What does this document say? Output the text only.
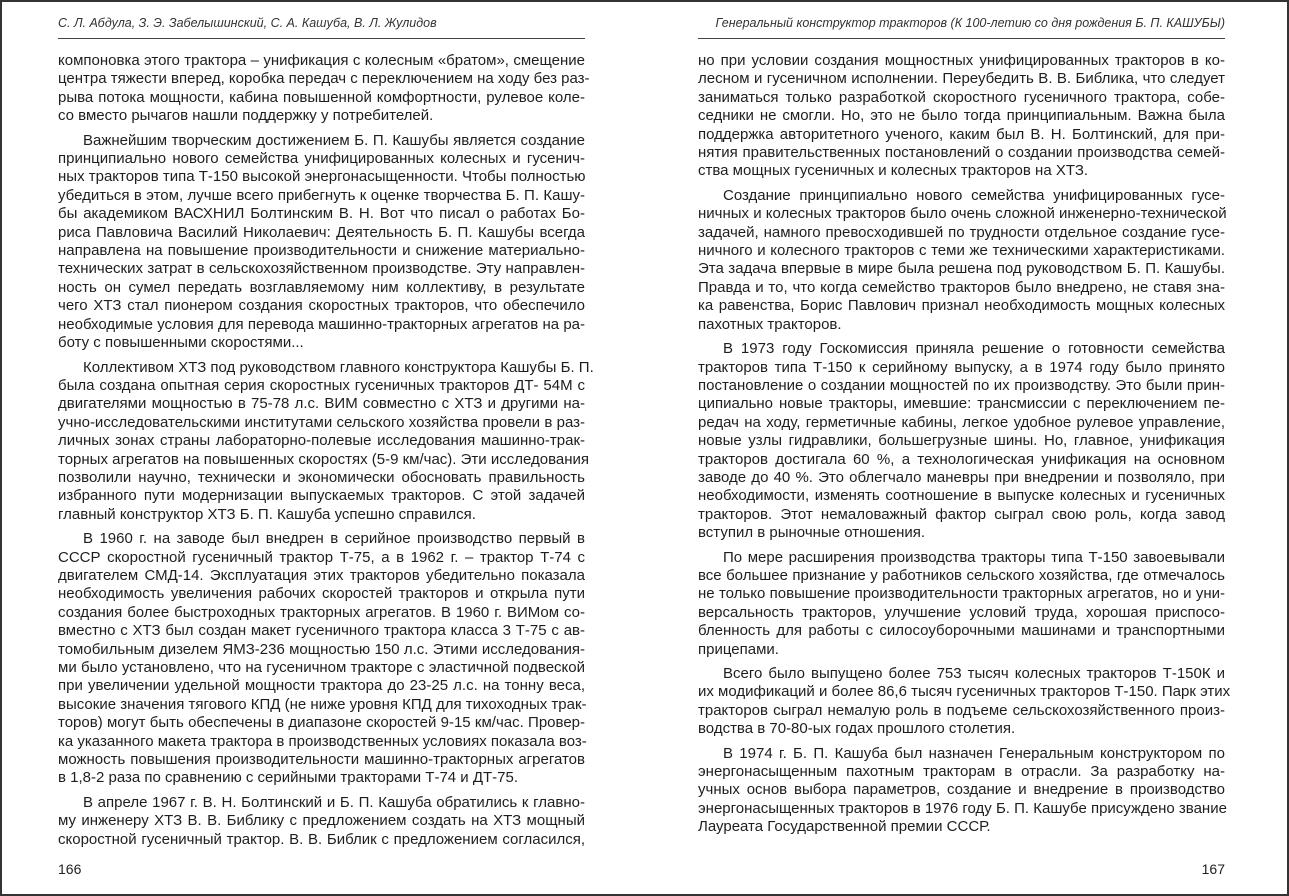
С. Л. Абдула, З. Э. Забелышинский, С. А. Кашуба, В. Л. Жулидов
компоновка этого трактора – унификация с колесным «братом», смещение
центра тяжести вперед, коробка передач с переключением на ходу без раз-
рыва потока мощности, кабина повышенной комфортности, рулевое коле-
со вместо рычагов нашли поддержку у потребителей.
Важнейшим творческим достижением Б. П. Кашубы является создание
принципиально нового семейства унифицированных колесных и гусенич-
ных тракторов типа Т-150 высокой энергонасыщенности. Чтобы полностью
убедиться в этом, лучше всего прибегнуть к оценке творчества Б. П. Кашу-
бы академиком ВАСХНИЛ Болтинским В. Н. Вот что писал о работах Бо-
риса Павловича Василий Николаевич: Деятельность Б. П. Кашубы всегда
направлена на повышение производительности и снижение материально-
технических затрат в сельскохозяйственном производстве. Эту направлен-
ность он сумел передать возглавляемому ним коллективу, в результате
чего ХТЗ стал пионером создания скоростных тракторов, что обеспечило
необходимые условия для перевода машинно-тракторных агрегатов на ра-
боту с повышенными скоростями...
Коллективом ХТЗ под руководством главного конструктора Кашубы Б. П.
была создана опытная серия скоростных гусеничных тракторов ДТ- 54М с
двигателями мощностью в 75-78 л.с. ВИМ совместно с ХТЗ и другими на-
учно-исследовательскими институтами сельского хозяйства провели в раз-
личных зонах страны лабораторно-полевые исследования машинно-трак-
торных агрегатов на повышенных скоростях (5-9 км/час). Эти исследования
позволили научно, технически и экономически обосновать правильность
избранного пути модернизации выпускаемых тракторов. С этой задачей
главный конструктор ХТЗ Б. П. Кашуба успешно справился.
В 1960 г. на заводе был внедрен в серийное производство первый в
СССР скоростной гусеничный трактор Т-75, а в 1962 г. – трактор Т-74 с
двигателем СМД-14. Эксплуатация этих тракторов убедительно показала
необходимость увеличения рабочих скоростей тракторов и открыла пути
создания более быстроходных тракторных агрегатов. В 1960 г. ВИМом со-
вместно с ХТЗ был создан макет гусеничного трактора класса 3 Т-75 с ав-
томобильным дизелем ЯМЗ-236 мощностью 150 л.с. Этими исследования-
ми было установлено, что на гусеничном тракторе с эластичной подвеской
при увеличении удельной мощности трактора до 23-25 л.с. на тонну веса,
высокие значения тягового КПД (не ниже уровня КПД для тихоходных трак-
торов) могут быть обеспечены в диапазоне скоростей 9-15 км/час. Провер-
ка указанного макета трактора в производственных условиях показала воз-
можность повышения производительности машинно-тракторных агрегатов
в 1,8-2 раза по сравнению с серийными тракторами Т-74 и ДТ-75.
В апреле 1967 г. В. Н. Болтинский и Б. П. Кашуба обратились к главно-
му инженеру ХТЗ В. В. Библику с предложением создать на ХТЗ мощный
скоростной гусеничный трактор. В. В. Библик с предложением согласился,
166
Генеральный конструктор тракторов (К 100-летию со дня рождения Б. П. КАШУБЫ)
но при условии создания мощностных унифицированных тракторов в ко-
лесном и гусеничном исполнении. Переубедить В. В. Библика, что следует
заниматься только разработкой скоростного гусеничного трактора, собе-
седники не смогли. Но, это не было тогда принципиальным. Важна была
поддержка авторитетного ученого, каким был В. Н. Болтинский, для при-
нятия правительственных постановлений о создании производства семей-
ства мощных гусеничных и колесных тракторов на ХТЗ.
Создание принципиально нового семейства унифицированных гусе-
ничных и колесных тракторов было очень сложной инженерно-технической
задачей, намного превосходившей по трудности отдельное создание гусе-
ничного и колесного тракторов с теми же техническими характеристиками.
Эта задача впервые в мире была решена под руководством Б. П. Кашубы.
Правда и то, что когда семейство тракторов было внедрено, не ставя зна-
ка равенства, Борис Павлович признал необходимость мощных колесных
пахотных тракторов.
В 1973 году Госкомиссия приняла решение о готовности семейства
тракторов типа Т-150 к серийному выпуску, а в 1974 году было принято
постановление о создании мощностей по их производству. Это были прин-
ципиально новые тракторы, имевшие: трансмиссии с переключением пе-
редач на ходу, герметичные кабины, легкое удобное рулевое управление,
новые узлы гидравлики, большегрузные шины. Но, главное, унификация
тракторов достигала 60 %, а технологическая унификация на основном
заводе до 40 %. Это облегчало маневры при внедрении и позволяло, при
необходимости, изменять соотношение в выпуске колесных и гусеничных
тракторов. Этот немаловажный фактор сыграл свою роль, когда завод
вступил в рыночные отношения.
По мере расширения производства тракторы типа Т-150 завоевывали
все большее признание у работников сельского хозяйства, где отмечалось
не только повышение производительности тракторных агрегатов, но и уни-
версальность тракторов, улучшение условий труда, хорошая приспосо-
бленность для работы с силосоуборочными машинами и транспортными
прицепами.
Всего было выпущено более 753 тысяч колесных тракторов Т-150К и
их модификаций и более 86,6 тысяч гусеничных тракторов Т-150. Парк этих
тракторов сыграл немалую роль в подъеме сельскохозяйственного произ-
водства в 70-80-ых годах прошлого столетия.
В 1974 г. Б. П. Кашуба был назначен Генеральным конструктором по
энергонасыщенным пахотным тракторам в отрасли. За разработку на-
учных основ выбора параметров, создание и внедрение в производство
энергонасыщенных тракторов в 1976 году Б. П. Кашубе присуждено звание
Лауреата Государственной премии СССР.
167
